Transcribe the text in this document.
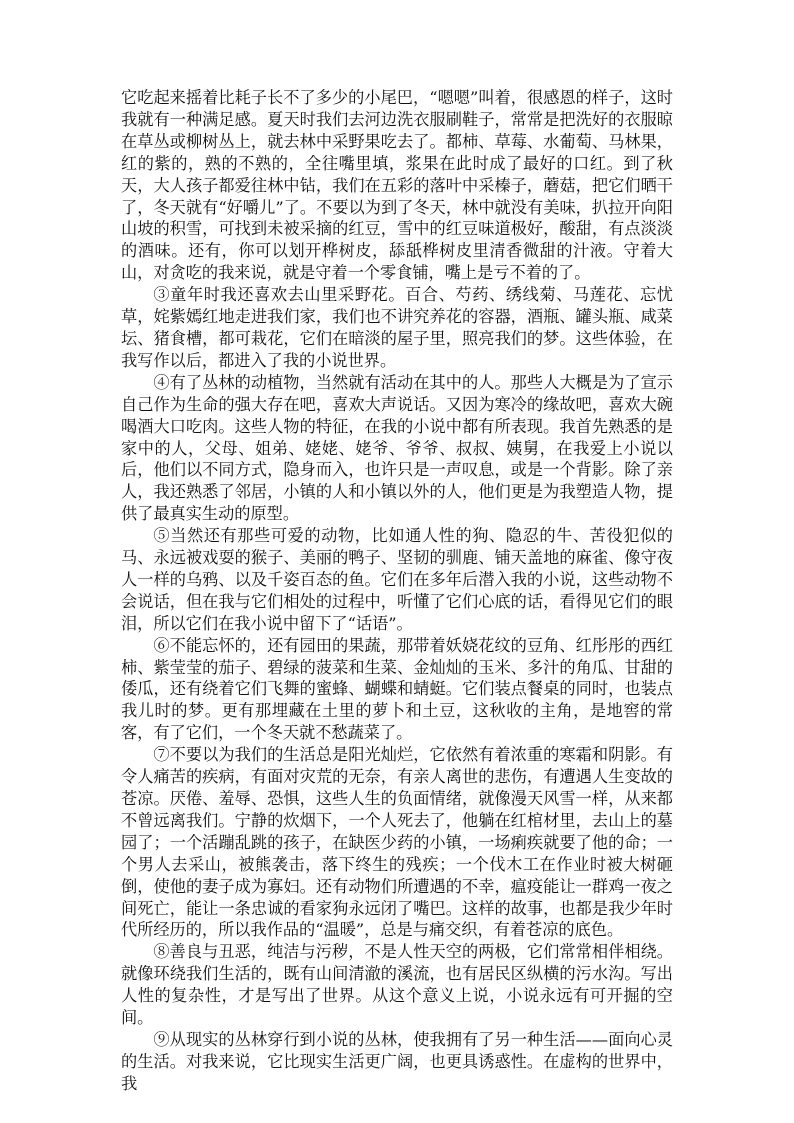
它吃起来摇着比耗子长不了多少的小尾巴，“嗯嗯”叫着，很感恩的样子，这时我就有一种满足感。夏天时我们去河边洗衣服刷鞋子，常常是把洗好的衣服晾在草丛或柳树丛上，就去林中采野果吃去了。都柿、草莓、水葡萄、马林果，红的紫的，熟的不熟的，全往嘴里填，浆果在此时成了最好的口红。到了秋天，大人孩子都爱往林中钻，我们在五彩的落叶中采榛子，蘑菇，把它们晒干了，冬天就有“好嚼儿”了。不要以为到了冬天，林中就没有美味，扒拉开向阳山坡的积雪，可找到未被采摘的红豆，雪中的红豆味道极好，酸甜，有点淡淡的酒味。还有，你可以划开桦树皮，舔舐桦树皮里清香微甜的汁液。守着大山，对贪吃的我来说，就是守着一个零食铺，嘴上是亏不着的了。

③童年时我还喜欢去山里采野花。百合、芍药、绣线菊、马莲花、忘忧草，姹紫嫣红地走进我们家，我们也不讲究养花的容器，酒瓶、罐头瓶、咸菜坛、猪食槽，都可栽花，它们在暗淡的屋子里，照亮我们的梦。这些体验，在我写作以后，都进入了我的小说世界。

④有了丛林的动植物，当然就有活动在其中的人。那些人大概是为了宣示自己作为生命的强大存在吧，喜欢大声说话。又因为寒冷的缘故吧，喜欢大碗喝酒大口吃肉。这些人物的特征，在我的小说中都有所表现。我首先熟悉的是家中的人，父母、姐弟、姥姥、姥爷、爷爷、叔叔、姨舅，在我爱上小说以后，他们以不同方式，隐身而入，也许只是一声叹息，或是一个背影。除了亲人，我还熟悉了邻居，小镇的人和小镇以外的人，他们更是为我塑造人物，提供了最真实生动的原型。

⑤当然还有那些可爱的动物，比如通人性的狗、隐忍的牛、苦役犯似的马、永远被戏耍的猴子、美丽的鸭子、坚韧的驯鹿、铺天盖地的麻雀、像守夜人一样的乌鸦、以及千姿百态的鱼。它们在多年后潜入我的小说，这些动物不会说话，但在我与它们相处的过程中，听懂了它们心底的话，看得见它们的眼泪，所以它们在我小说中留下了“话语”。

⑥不能忘怀的，还有园田的果蔬，那带着妖娆花纹的豆角、红彤彤的西红柿、紫莹莹的茄子、碧绿的菠菜和生菜、金灿灿的玉米、多汁的角瓜、甘甜的倭瓜，还有绕着它们飞舞的蜜蜂、蝴蝶和蜻蜓。它们装点餐桌的同时，也装点我儿时的梦。更有那埋藏在土里的萝卜和土豆，这秋收的主角，是地窖的常客，有了它们，一个冬天就不愁蔬菜了。

⑦不要以为我们的生活总是阳光灿烂，它依然有着浓重的寒霜和阴影。有令人痛苦的疾病，有面对灾荒的无奈，有亲人离世的悲伤，有遭遇人生变故的苍凉。厌倦、羞辱、恐惧，这些人生的负面情绪，就像漫天风雪一样，从来都不曾远离我们。宁静的炊烟下，一个人死去了，他躺在红棺材里，去山上的墓园了；一个活蹦乱跳的孩子，在缺医少药的小镇，一场痢疾就要了他的命；一个男人去采山，被熊袭击，落下终生的残疾；一个伐木工在作业时被大树砸倒，使他的妻子成为寡妇。还有动物们所遭遇的不幸，瘟疫能让一群鸡一夜之间死亡，能让一条忠诚的看家狗永远闭了嘴巴。这样的故事，也都是我少年时代所经历的，所以我作品的“温暖”，总是与痛交织，有着苍凉的底色。

⑧善良与丑恶，纯洁与污秽，不是人性天空的两极，它们常常相伴相绕。就像环绕我们生活的，既有山间清澈的溪流，也有居民区纵横的污水沟。写出人性的复杂性，才是写出了世界。从这个意义上说，小说永远有可开掘的空间。

⑨从现实的丛林穿行到小说的丛林，使我拥有了另一种生活——面向心灵的生活。对我来说，它比现实生活更广阔，也更具诱惑性。在虚构的世界中，我
